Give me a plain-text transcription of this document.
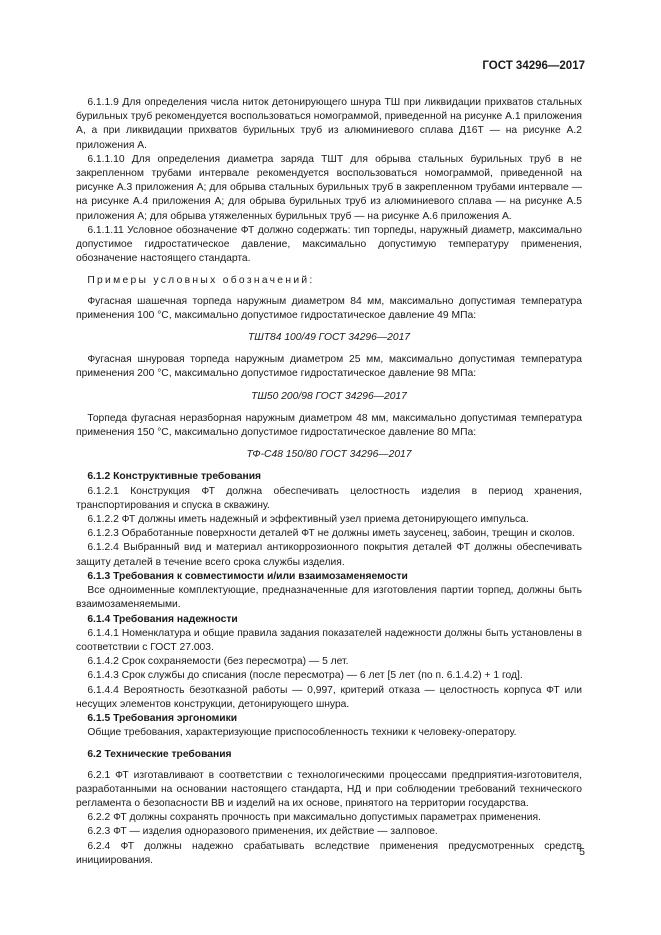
ГОСТ 34296—2017

6.1.1.9 Для определения числа ниток детонирующего шнура ТШ при ликвидации прихватов стальных бурильных труб рекомендуется воспользоваться номограммой, приведенной на рисунке А.1 приложения А, а при ликвидации прихватов бурильных труб из алюминиевого сплава Д16Т — на рисунке А.2 приложения А.

6.1.1.10 Для определения диаметра заряда ТШТ для обрыва стальных бурильных труб в не закрепленном трубами интервале рекомендуется воспользоваться номограммой, приведенной на рисунке А.3 приложения А; для обрыва стальных бурильных труб в закрепленном трубами интервале — на рисунке А.4 приложения А; для обрыва бурильных труб из алюминиевого сплава — на рисунке А.5 приложения А; для обрыва утяжеленных бурильных труб — на рисунке А.6 приложения А.

6.1.1.11 Условное обозначение ФТ должно содержать: тип торпеды, наружный диаметр, максимально допустимое гидростатическое давление, максимально допустимую температуру применения, обозначение настоящего стандарта.

Примеры условных обозначений:

Фугасная шашечная торпеда наружным диаметром 84 мм, максимально допустимая температура применения 100 °С, максимально допустимое гидростатическое давление 49 МПа:

ТШТ84 100/49 ГОСТ 34296—2017

Фугасная шнуровая торпеда наружным диаметром 25 мм, максимально допустимая температура применения 200 °С, максимально допустимое гидростатическое давление 98 МПа:

ТШ50 200/98 ГОСТ 34296—2017

Торпеда фугасная неразборная наружным диаметром 48 мм, максимально допустимая температура применения 150 °С, максимально допустимое гидростатическое давление 80 МПа:

ТФ-С48 150/80 ГОСТ 34296—2017

6.1.2 Конструктивные требования

6.1.2.1 Конструкция ФТ должна обеспечивать целостность изделия в период хранения, транспортирования и спуска в скважину.

6.1.2.2 ФТ должны иметь надежный и эффективный узел приема детонирующего импульса.

6.1.2.3 Обработанные поверхности деталей ФТ не должны иметь заусенец, забоин, трещин и сколов.

6.1.2.4 Выбранный вид и материал антикоррозионного покрытия деталей ФТ должны обеспечивать защиту деталей в течение всего срока службы изделия.

6.1.3 Требования к совместимости и/или взаимозаменяемости

Все одноименные комплектующие, предназначенные для изготовления партии торпед, должны быть взаимозаменяемыми.

6.1.4 Требования надежности

6.1.4.1 Номенклатура и общие правила задания показателей надежности должны быть установлены в соответствии с ГОСТ 27.003.

6.1.4.2 Срок сохраняемости (без пересмотра) — 5 лет.

6.1.4.3 Срок службы до списания (после пересмотра) — 6 лет [5 лет (по п. 6.1.4.2) + 1 год].

6.1.4.4 Вероятность безотказной работы — 0,997, критерий отказа — целостность корпуса ФТ или несущих элементов конструкции, детонирующего шнура.

6.1.5 Требования эргономики

Общие требования, характеризующие приспособленность техники к человеку-оператору.

6.2 Технические требования

6.2.1 ФТ изготавливают в соответствии с технологическими процессами предприятия-изготовителя, разработанными на основании настоящего стандарта, НД и при соблюдении требований технического регламента о безопасности ВВ и изделий на их основе, принятого на территории государства.

6.2.2 ФТ должны сохранять прочность при максимально допустимых параметрах применения.

6.2.3 ФТ — изделия одноразового применения, их действие — залповое.

6.2.4 ФТ должны надежно срабатывать вследствие применения предусмотренных средств инициирования.

5
